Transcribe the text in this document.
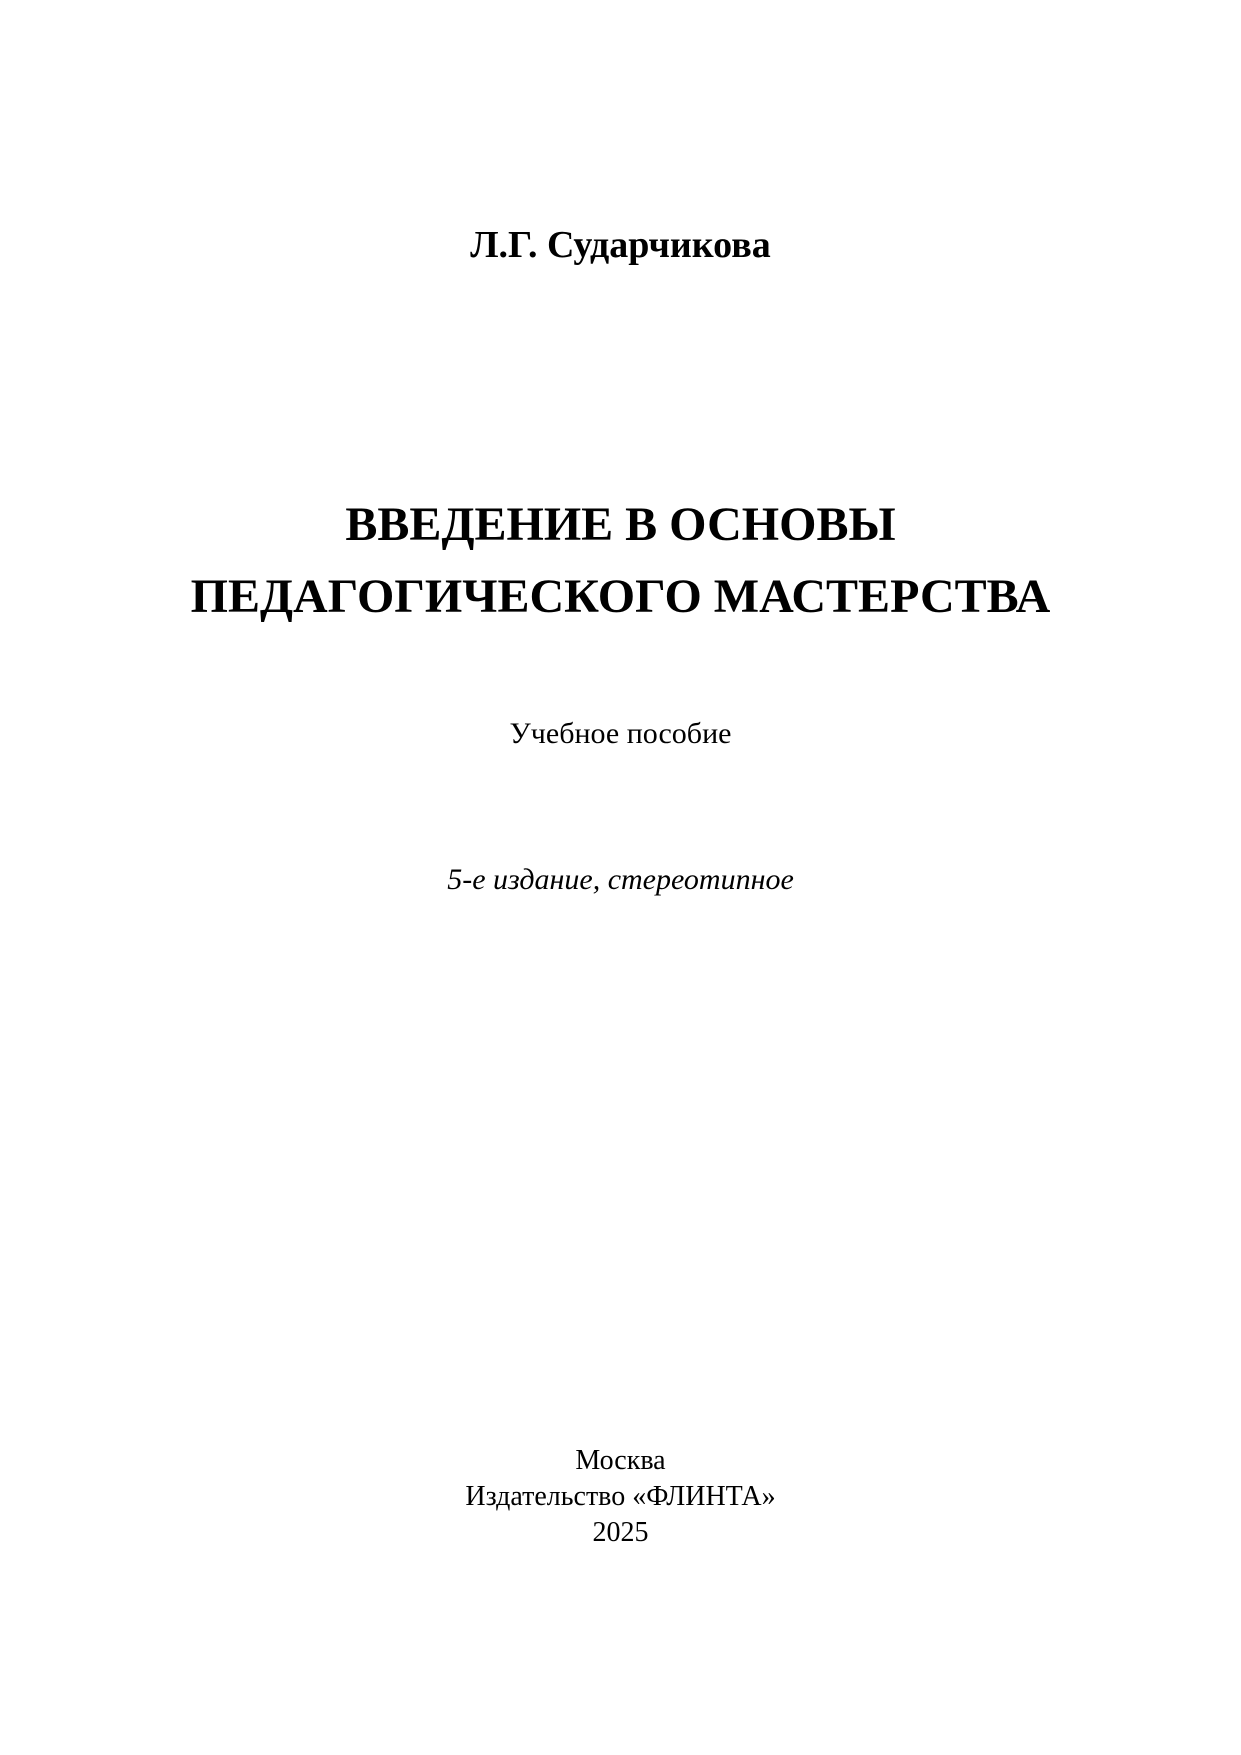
Л.Г. Сударчикова
ВВЕДЕНИЕ В ОСНОВЫ
ПЕДАГОГИЧЕСКОГО МАСТЕРСТВА
Учебное пособие
5-е издание, стереотипное
Москва
Издательство «ФЛИНТА»
2025
